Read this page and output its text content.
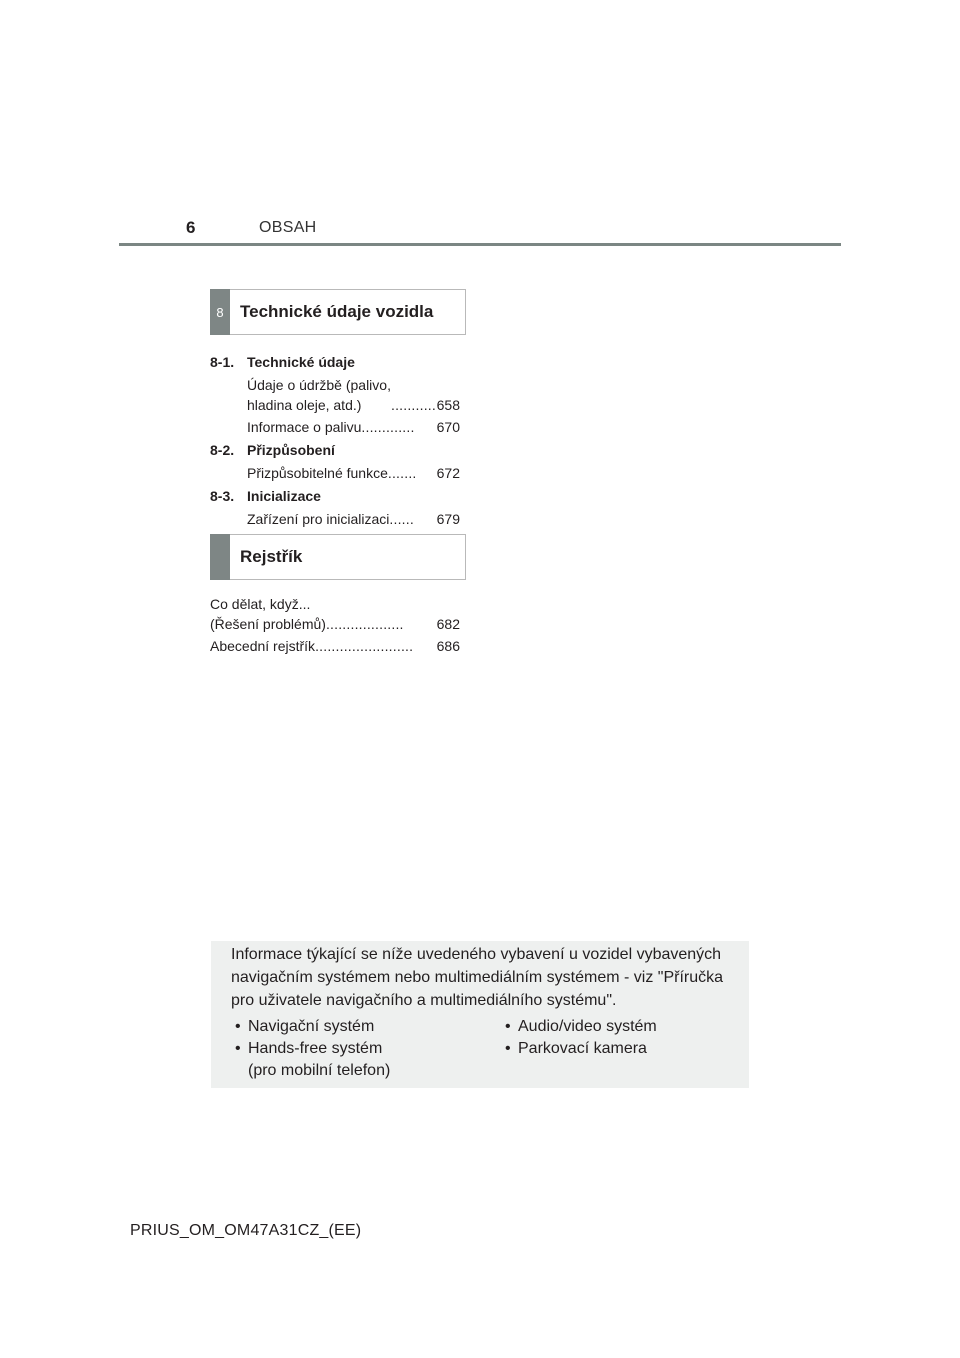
6	OBSAH
8 Technické údaje vozidla
8-1. Technické údaje
Údaje o údržbě (palivo,
hladina oleje, atd.)	........... 658
Informace o palivu .............	670
8-2. Přizpůsobení
Přizpůsobitelné funkce .......	672
8-3. Inicializace
Zařízení pro inicializaci ......	679
Rejstřík
Co dělat, když...
(Řešení problémů) ...................	682
Abecední rejstřík ........................	686
Informace týkající se níže uvedeného vybavení u vozidel vybavených navigačním systémem nebo multimediálním systémem - viz "Příručka pro uživatele navigačního a multimediálního systému".
• Navigační systém
• Hands-free systém
(pro mobilní telefon)
• Audio/video systém
• Parkovací kamera
PRIUS_OM_OM47A31CZ_(EE)
